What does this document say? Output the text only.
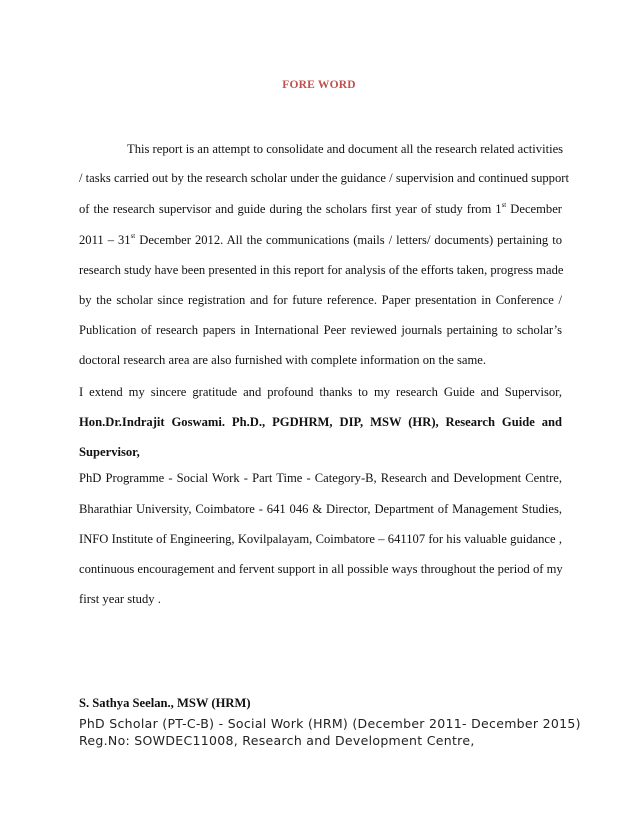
FORE WORD
This report is an attempt to consolidate and document all the research related activities
/ tasks carried out by the research scholar under the guidance / supervision and continued support
of the research supervisor and guide during the scholars first year of study from 1st December
2011 – 31st December 2012. All the communications (mails / letters/ documents) pertaining to
research study have been presented in this report for analysis of the efforts taken, progress made
by the scholar since registration and for future reference. Paper presentation in Conference /
Publication of research papers in International Peer reviewed journals pertaining to scholar’s
doctoral research area are also furnished with complete information on the same.
I extend my sincere gratitude and profound thanks to my research Guide and Supervisor,
Hon.Dr.Indrajit Goswami. Ph.D., PGDHRM, DIP, MSW (HR), Research Guide and
Supervisor,
PhD Programme - Social Work - Part Time - Category-B, Research and Development Centre,
Bharathiar University, Coimbatore - 641 046 & Director, Department of Management Studies,
INFO Institute of Engineering, Kovilpalayam, Coimbatore – 641107 for his valuable guidance ,
continuous encouragement and fervent support in all possible ways throughout the period of my
first year study .
S. Sathya Seelan., MSW (HRM)
PhD Scholar (PT-C-B) - Social Work (HRM) (December 2011- December 2015)
Reg.No: SOWDEC11008, Research and Development Centre,
